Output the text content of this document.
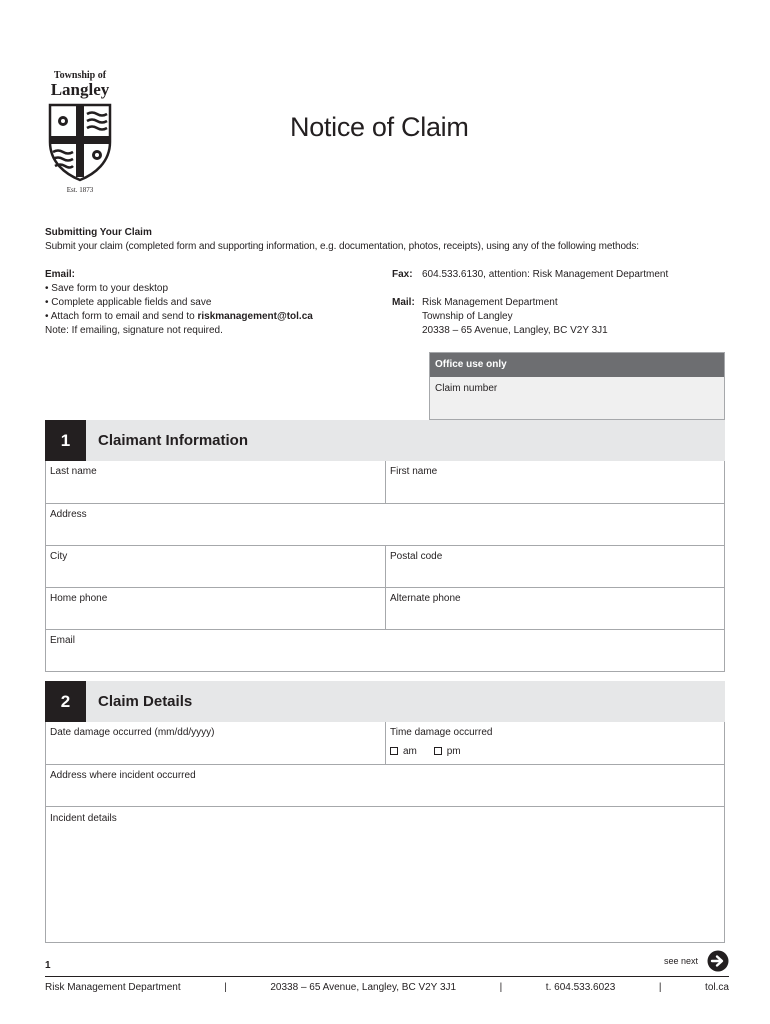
Township of
Langley
Est. 1873
Notice of Claim
Submitting Your Claim
Submit your claim (completed form and supporting information, e.g. documentation, photos, receipts), using any of the following methods:
Email:
• Save form to your desktop
• Complete applicable fields and save
• Attach form to email and send to riskmanagement@tol.ca
Note: If emailing, signature not required.
Fax: 604.533.6130, attention: Risk Management Department
Mail: Risk Management Department
Township of Langley
20338 – 65 Avenue, Langley, BC V2Y 3J1
Office use only
Claim number
1	Claimant Information
Last name	First name
Address
City	Postal code
Home phone	Alternate phone
Email
2	Claim Details
Date damage occurred (mm/dd/yyyy)	Time damage occurred
am	pm
Address where incident occurred
Incident details
1	see next
Risk Management Department	|	20338 – 65 Avenue, Langley, BC V2Y 3J1	|	t. 604.533.6023	|	tol.ca
